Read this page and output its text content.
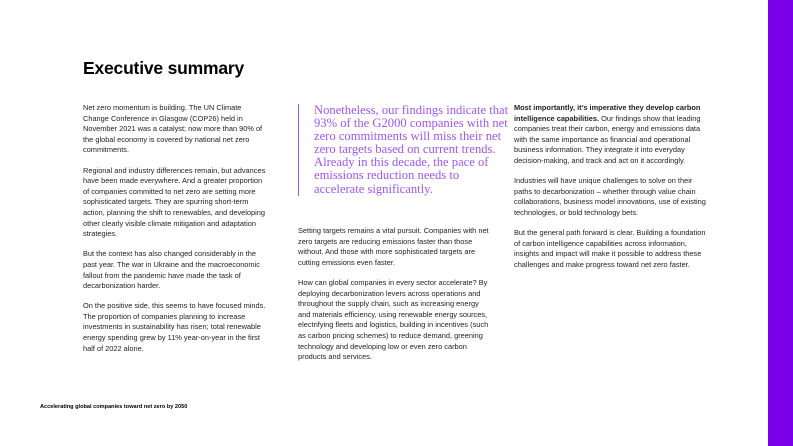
Executive summary

Net zero momentum is building. The UN Climate Change Conference in Glasgow (COP26) held in November 2021 was a catalyst; now more than 90% of the global economy is covered by national net zero commitments.

Regional and industry differences remain, but advances have been made everywhere. And a greater proportion of companies committed to net zero are setting more sophisticated targets. They are spurring short-term action, planning the shift to renewables, and developing other clearly visible climate mitigation and adaptation strategies.

But the context has also changed considerably in the past year. The war in Ukraine and the macroeconomic fallout from the pandemic have made the task of decarbonization harder.

On the positive side, this seems to have focused minds. The proportion of companies planning to increase investments in sustainability has risen; total renewable energy spending grew by 11% year-on-year in the first half of 2022 alone.

Nonetheless, our findings indicate that 93% of the G2000 companies with net zero commitments will miss their net zero targets based on current trends. Already in this decade, the pace of emissions reduction needs to accelerate significantly.

Setting targets remains a vital pursuit. Companies with net zero targets are reducing emissions faster than those without. And those with more sophisticated targets are cutting emissions even faster.

How can global companies in every sector accelerate? By deploying decarbonization levers across operations and throughout the supply chain, such as increasing energy and materials efficiency, using renewable energy sources, electrifying fleets and logistics, building in incentives (such as carbon pricing schemes) to reduce demand, greening technology and developing low or even zero carbon products and services.

Most importantly, it’s imperative they develop carbon intelligence capabilities. Our findings show that leading companies treat their carbon, energy and emissions data with the same importance as financial and operational business information. They integrate it into everyday decision-making, and track and act on it accordingly.

Industries will have unique challenges to solve on their paths to decarbonization – whether through value chain collaborations, business model innovations, use of existing technologies, or bold technology bets.

But the general path forward is clear. Building a foundation of carbon intelligence capabilities across information, insights and impact will make it possible to address these challenges and make progress toward net zero faster.

Accelerating global companies toward net zero by 2050
